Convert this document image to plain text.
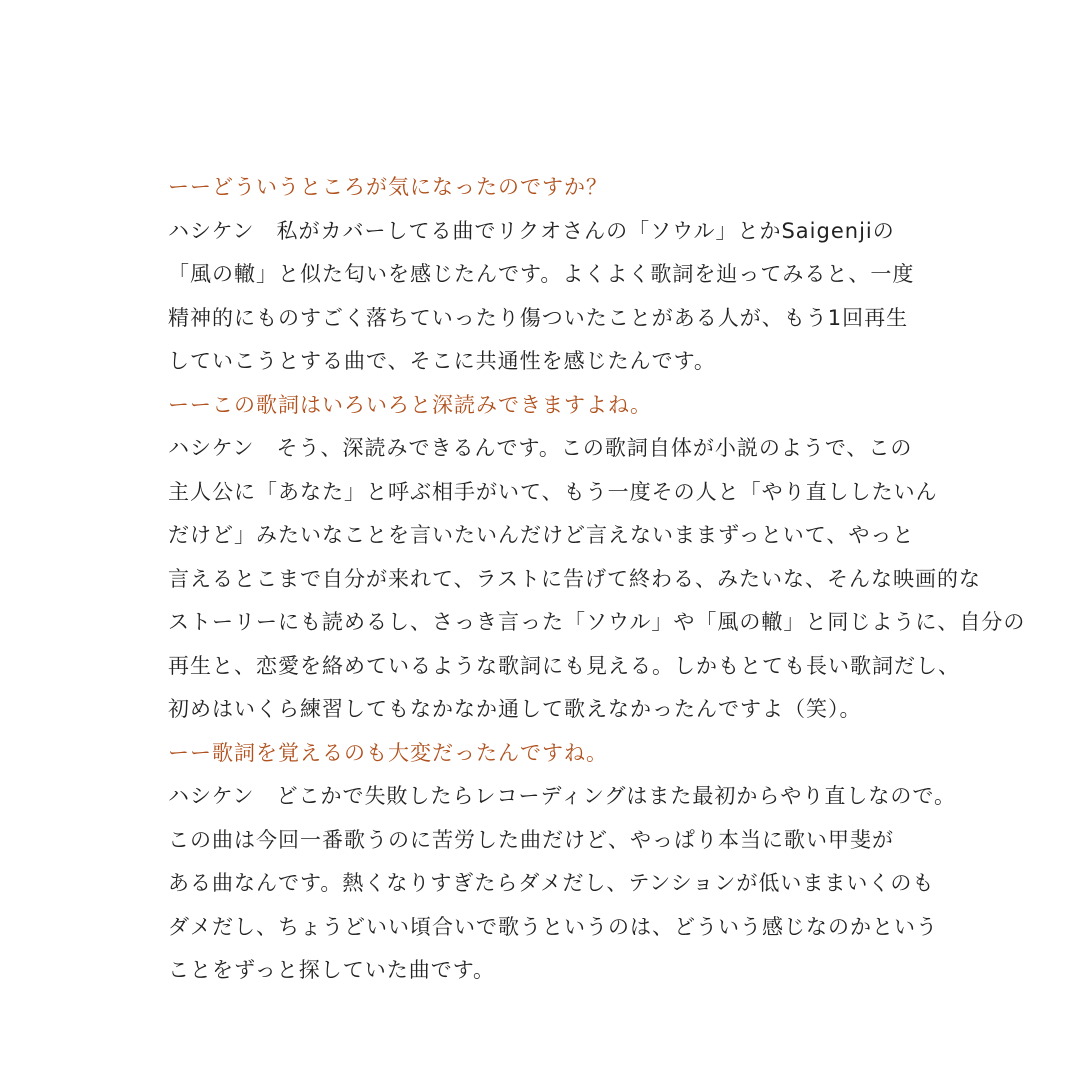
ーーどういうところが気になったのですか？
ハシケン　私がカバーしてる曲でリクオさんの「ソウル」とかSaigenjiの
「風の轍」と似た匂いを感じたんです。よくよく歌詞を辿ってみると、一度
精神的にものすごく落ちていったり傷ついたことがある人が、もう1回再生
していこうとする曲で、そこに共通性を感じたんです。
ーーこの歌詞はいろいろと深読みできますよね。
ハシケン　そう、深読みできるんです。この歌詞自体が小説のようで、この
主人公に「あなた」と呼ぶ相手がいて、もう一度その人と「やり直ししたいん
だけど」みたいなことを言いたいんだけど言えないままずっといて、やっと
言えるとこまで自分が来れて、ラストに告げて終わる、みたいな、そんな映画的な
ストーリーにも読めるし、さっき言った「ソウル」や「風の轍」と同じように、自分の
再生と、恋愛を絡めているような歌詞にも見える。しかもとても長い歌詞だし、
初めはいくら練習してもなかなか通して歌えなかったんですよ（笑）。
ーー歌詞を覚えるのも大変だったんですね。
ハシケン　どこかで失敗したらレコーディングはまた最初からやり直しなので。
この曲は今回一番歌うのに苦労した曲だけど、やっぱり本当に歌い甲斐が
ある曲なんです。熱くなりすぎたらダメだし、テンションが低いままいくのも
ダメだし、ちょうどいい頃合いで歌うというのは、どういう感じなのかという
ことをずっと探していた曲です。
